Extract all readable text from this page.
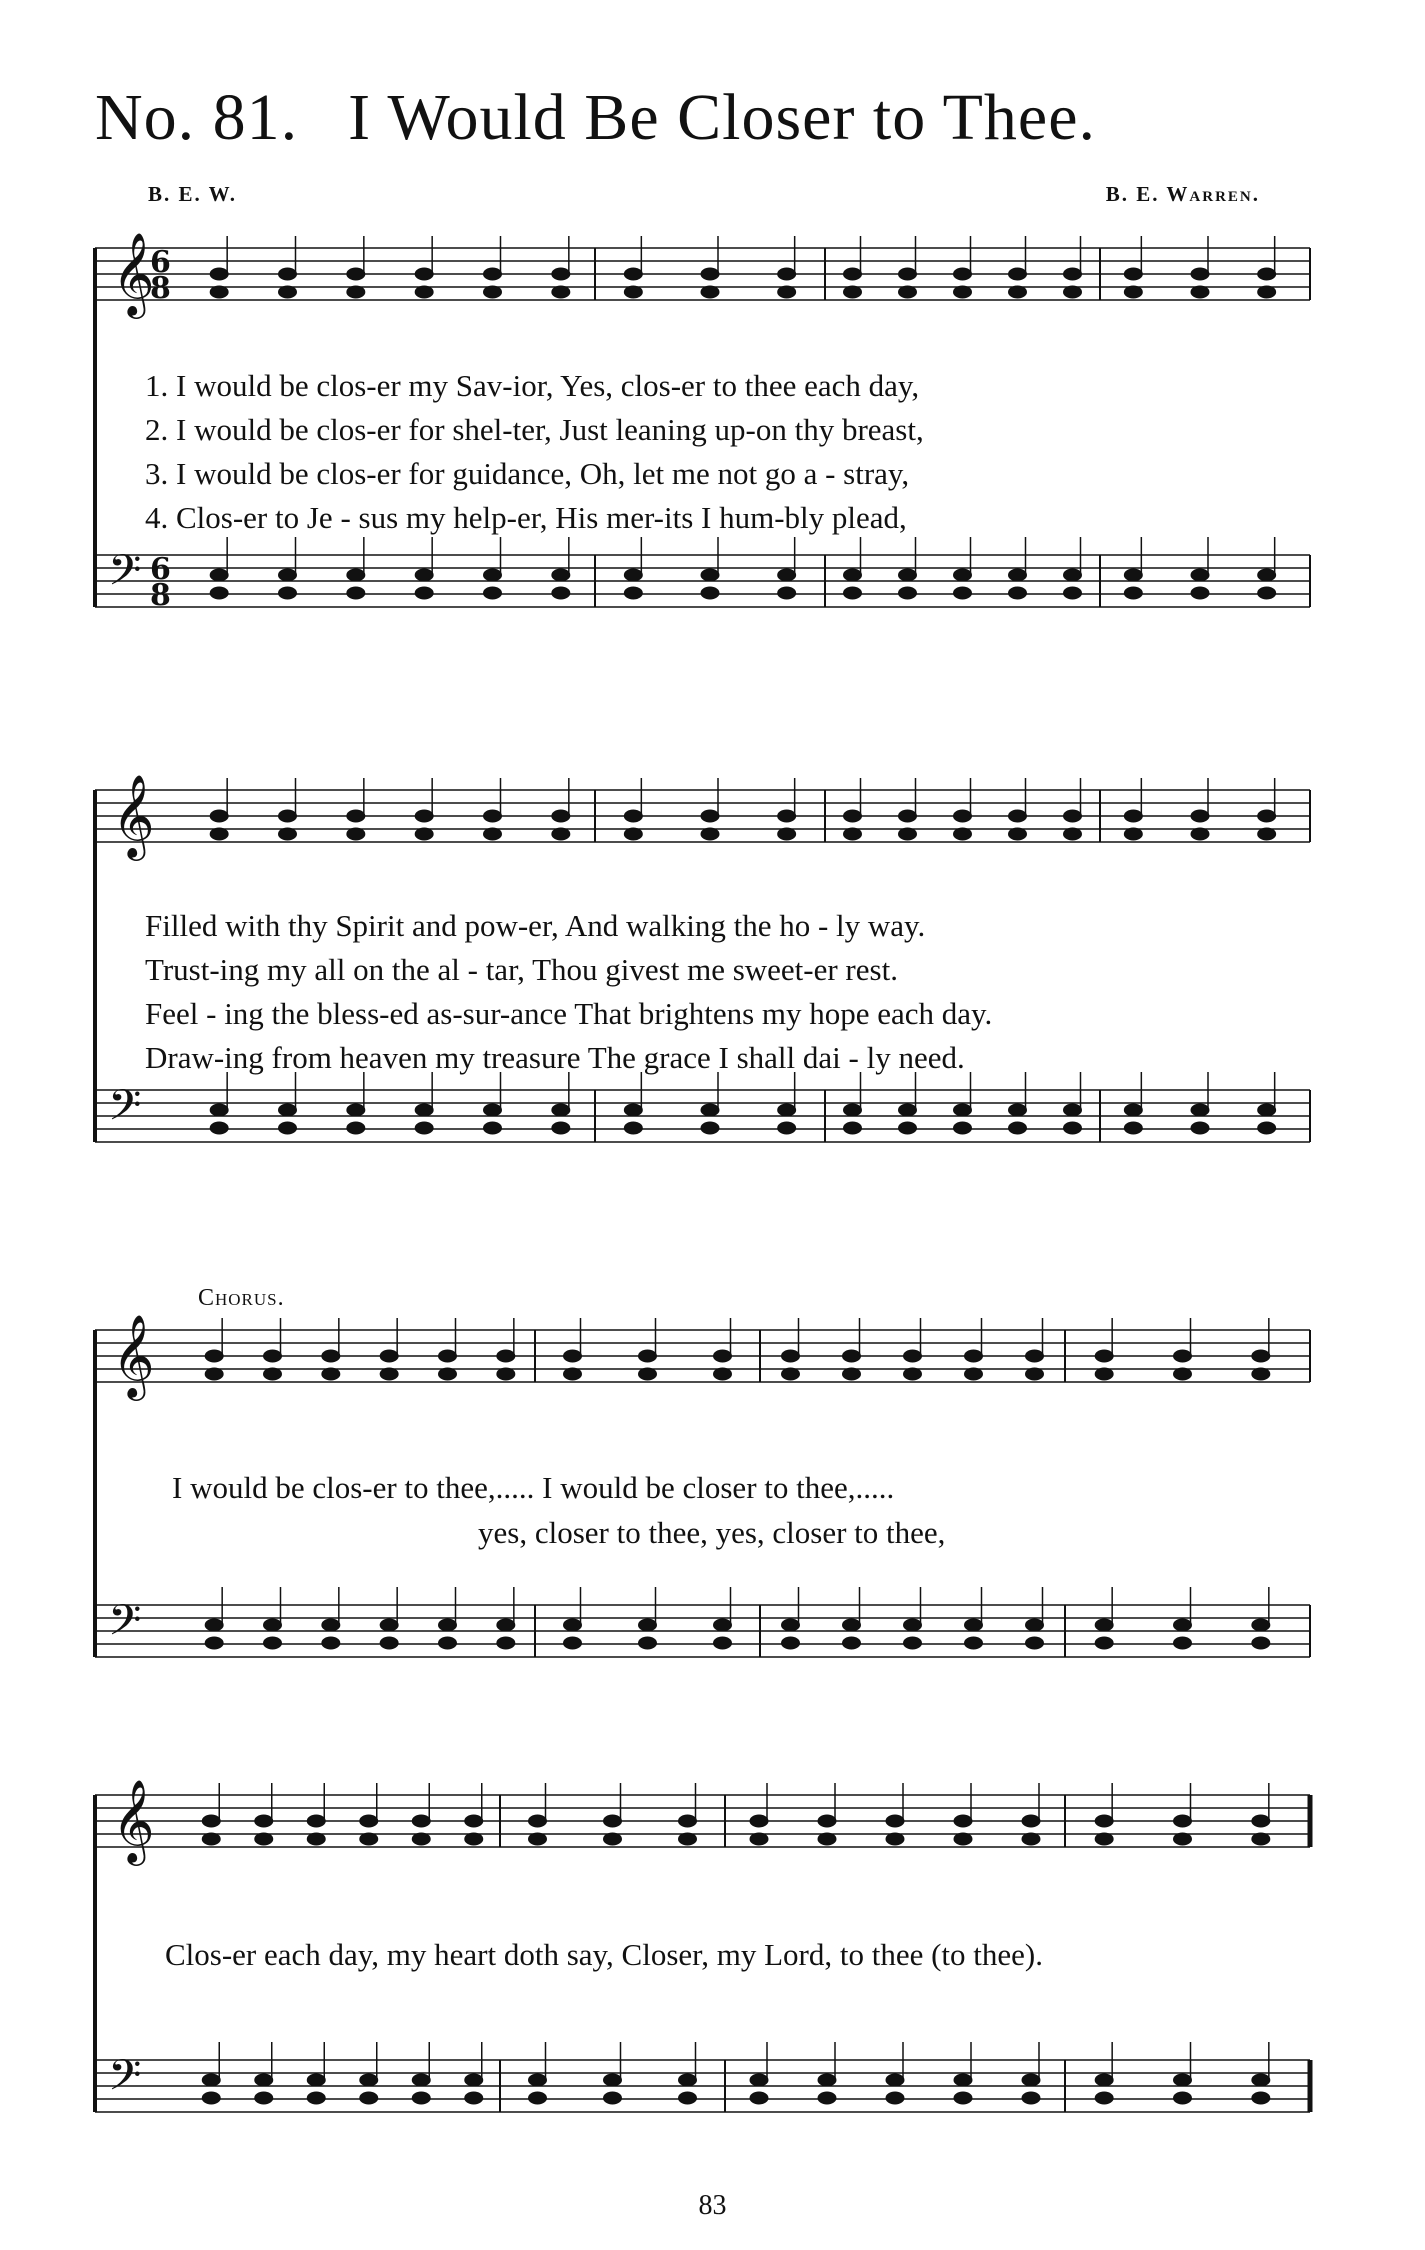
No. 81. I Would Be Closer to Thee.
B. E. W.	B. E. Warren.
𝄞
𝄢
6
8
6
8
𝄞
𝄢
𝄞
𝄢
𝄞
𝄢
1. I would be clos-er my Sav-ior, Yes, clos-er to thee each day,
2. I would be clos-er for shel-ter, Just leaning up-on thy breast,
3. I would be clos-er for guidance, Oh, let me not go a - stray,
4. Clos-er to Je - sus my help-er, His mer-its I hum-bly plead,
Filled with thy Spirit and pow-er, And walking the ho - ly way.
Trust-ing my all on the al - tar, Thou givest me sweet-er rest.
Feel - ing the bless-ed as-sur-ance That brightens my hope each day.
Draw-ing from heaven my treasure The grace I shall dai - ly need.
Chorus.
I would be clos-er to thee,..... I would be closer to thee,.....
yes, closer to thee, yes, closer to thee,
Clos-er each day, my heart doth say, Closer, my Lord, to thee (to thee).
83
